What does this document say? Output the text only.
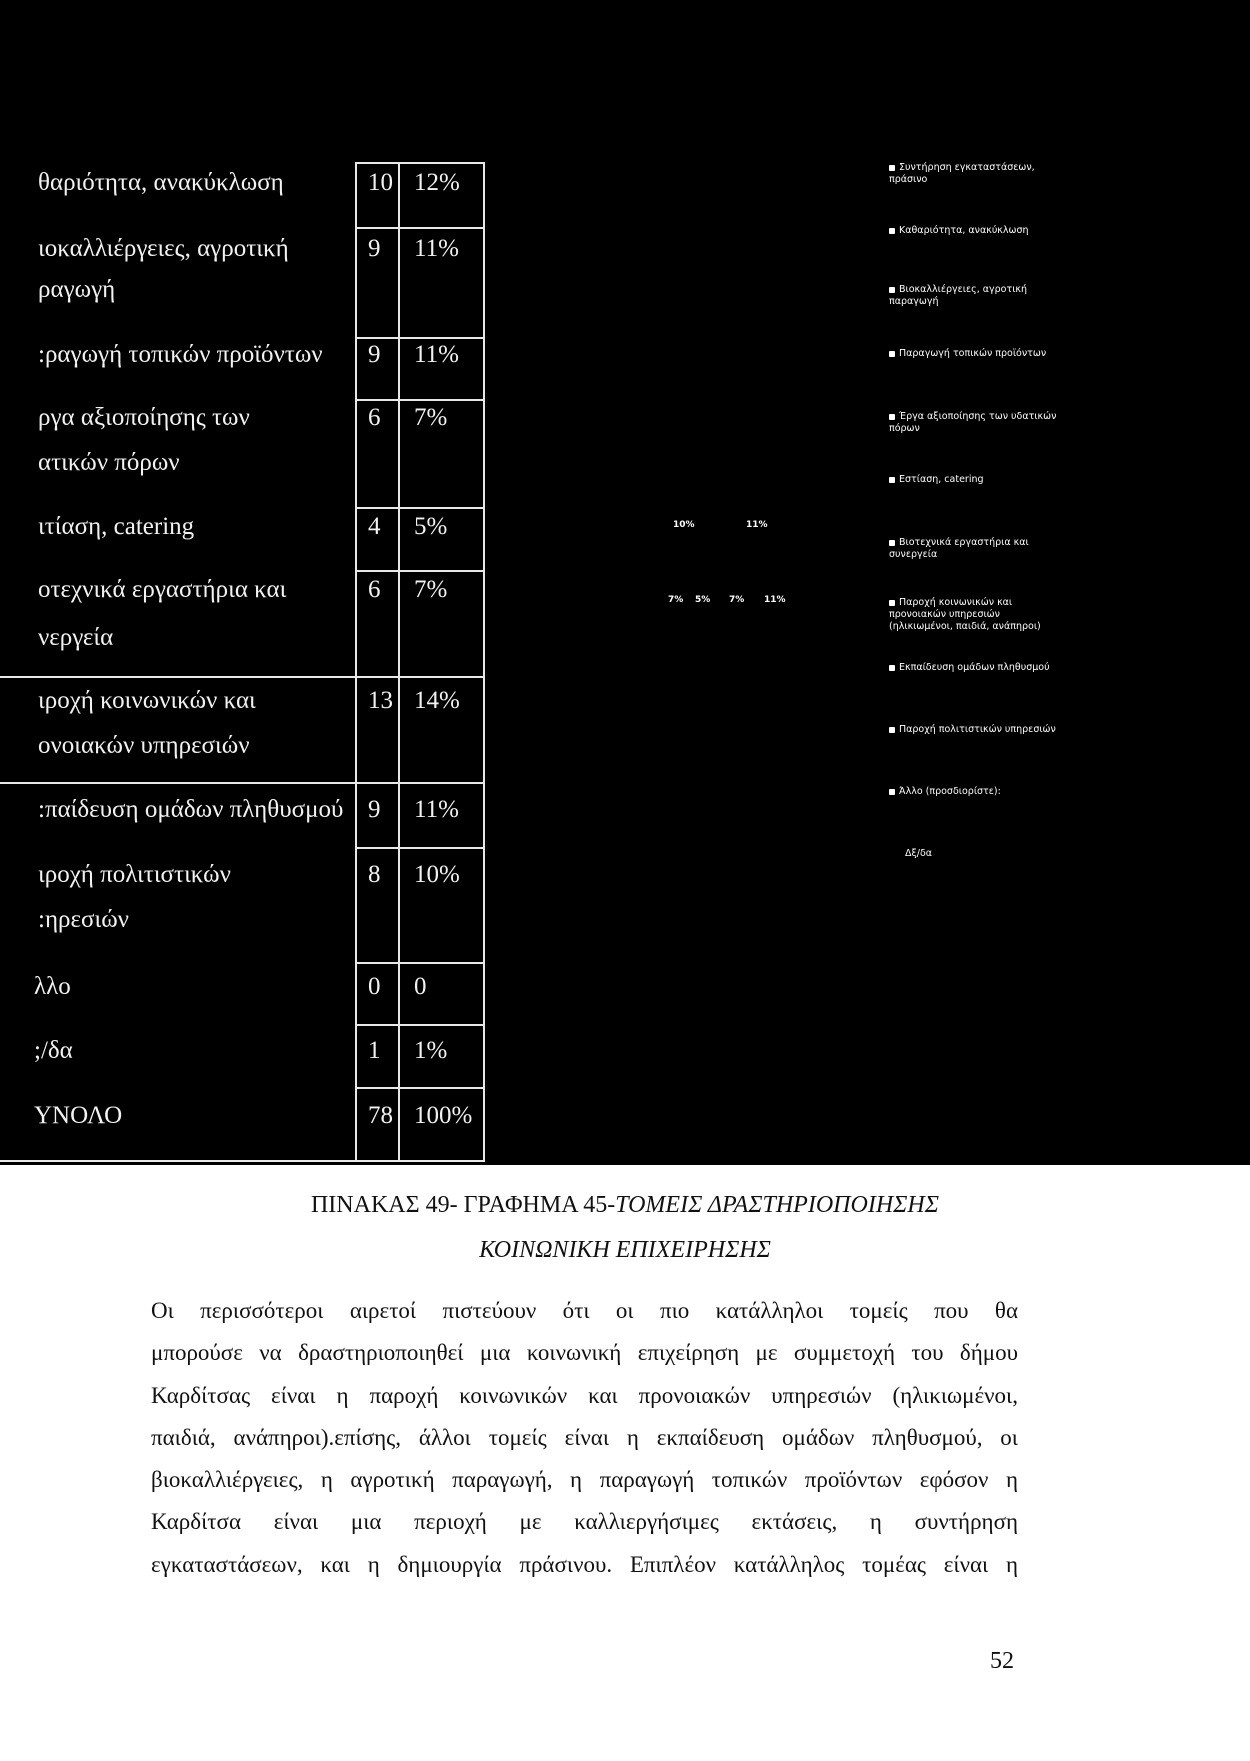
θαριότητα, ανακύκλωση	10 12%
ιοκαλλιέργειες, αγροτική	9 11%
ραγωγή
:ραγωγή τοπικών προϊόντων 9 11%
ργα αξιοποίησης των	6 7%
ατικών πόρων
ιτίαση, catering	4 5%
οτεχνικά εργαστήρια και	6 7%
νεργεία
ιροχή κοινωνικών και	13 14%
ονοιακών υπηρεσιών
:παίδευση ομάδων πληθυσμού 9 11%
ιροχή πολιτιστικών	8 10%
:ηρεσιών
λλο	0 0
;/δα	1 1%
ΥΝΟΛΟ	78 100%
10%	11%
7% 5% 7% 11%
Συντήρηση εγκαταστάσεων, πράσινο
Καθαριότητα, ανακύκλωση
Βιοκαλλιέργειες, αγροτική παραγωγή
Παραγωγή τοπικών προϊόντων
Έργα αξιοποίησης των υδατικών πόρων
Εστίαση, catering
Βιοτεχνικά εργαστήρια και συνεργεία
Παροχή κοινωνικών και προνοιακών υπηρεσιών (ηλικιωμένοι, παιδιά, ανάπηροι)
Εκπαίδευση ομάδων πληθυσμού
Παροχή πολιτιστικών υπηρεσιών
Άλλο (προσδιορίστε):
Δξ/δα
ΠΙΝΑΚΑΣ 49- ΓΡΑΦΗΜΑ 45-ΤΟΜΕΙΣ ΔΡΑΣΤΗΡΙΟΠΟΙΗΣΗΣ
ΚΟΙΝΩΝΙΚΗ ΕΠΙΧΕΙΡΗΣΗΣ
Οι περισσότεροι αιρετοί πιστεύουν ότι οι πιο κατάλληλοι τομείς που θα
μπορούσε να δραστηριοποιηθεί μια κοινωνική επιχείρηση με συμμετοχή του δήμου
Καρδίτσας είναι η παροχή κοινωνικών και προνοιακών υπηρεσιών (ηλικιωμένοι,
παιδιά, ανάπηροι).επίσης, άλλοι τομείς είναι η εκπαίδευση ομάδων πληθυσμού, οι
βιοκαλλιέργειες, η αγροτική παραγωγή, η παραγωγή τοπικών προϊόντων εφόσον η
Καρδίτσα είναι μια περιοχή με καλλιεργήσιμες εκτάσεις, η συντήρηση
εγκαταστάσεων, και η δημιουργία πράσινου. Επιπλέον κατάλληλος τομέας είναι η
52
